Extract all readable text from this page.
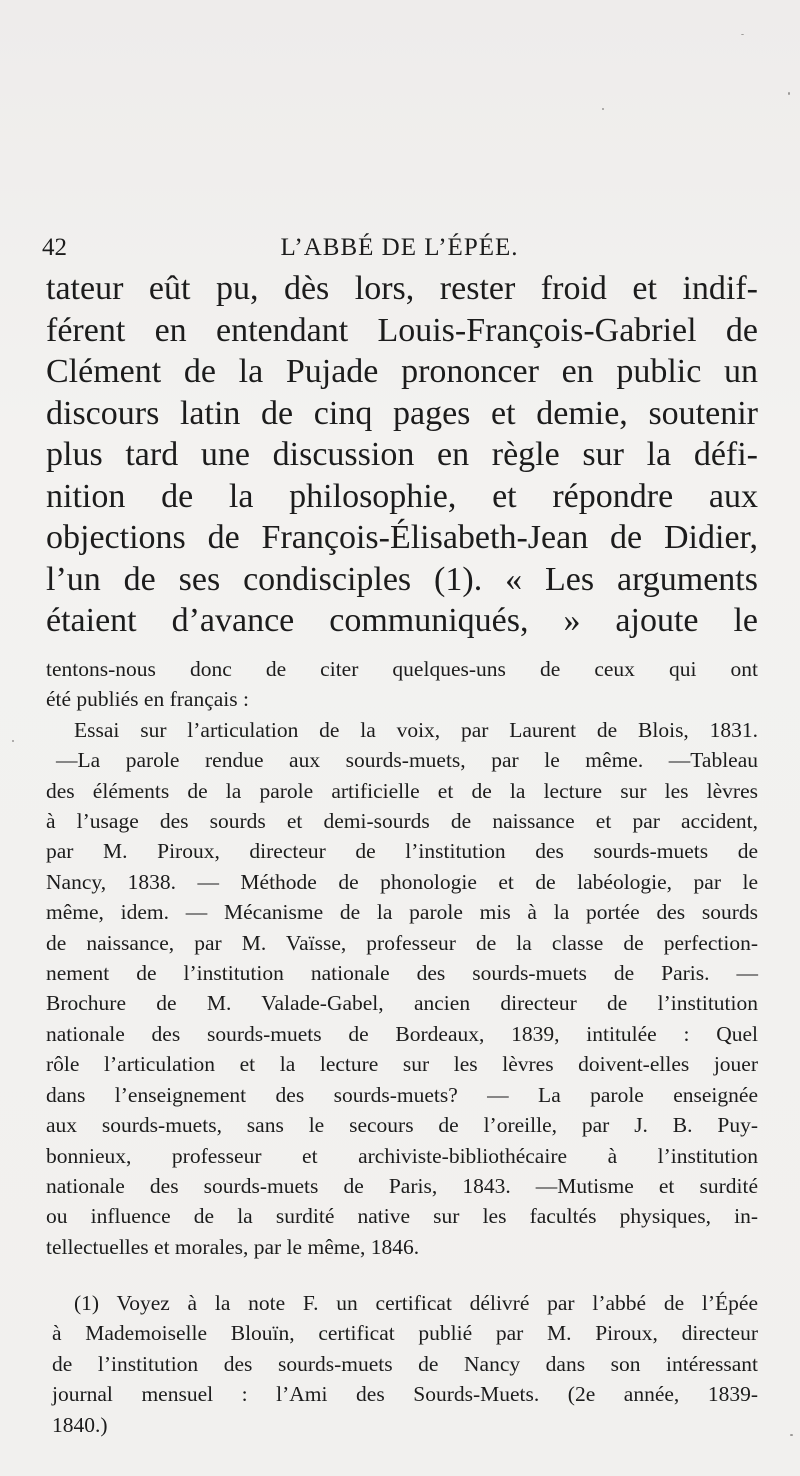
42	L’ABBÉ DE L’ÉPÉE.

tateur eût pu, dès lors, rester froid et indif-
férent en entendant Louis-François-Gabriel de
Clément de la Pujade prononcer en public un
discours latin de cinq pages et demie, soutenir
plus tard une discussion en règle sur la défi-
nition de la philosophie, et répondre aux
objections de François-Élisabeth-Jean de Didier,
l’un de ses condisciples (1). « Les arguments
étaient d’avance communiqués, » ajoute le

tentons-nous donc de citer quelques-uns de ceux qui ont
été publiés en français :
Essai sur l’articulation de la voix, par Laurent de Blois, 1831.
—La parole rendue aux sourds-muets, par le même. —Tableau
des éléments de la parole artificielle et de la lecture sur les lèvres
à l’usage des sourds et demi-sourds de naissance et par accident,
par M. Piroux, directeur de l’institution des sourds-muets de
Nancy, 1838. — Méthode de phonologie et de labéologie, par le
même, idem. — Mécanisme de la parole mis à la portée des sourds
de naissance, par M. Vaïsse, professeur de la classe de perfection-
nement de l’institution nationale des sourds-muets de Paris. —
Brochure de M. Valade-Gabel, ancien directeur de l’institution
nationale des sourds-muets de Bordeaux, 1839, intitulée : Quel
rôle l’articulation et la lecture sur les lèvres doivent-elles jouer
dans l’enseignement des sourds-muets? — La parole enseignée
aux sourds-muets, sans le secours de l’oreille, par J. B. Puy-
bonnieux, professeur et archiviste-bibliothécaire à l’institution
nationale des sourds-muets de Paris, 1843. —Mutisme et surdité
ou influence de la surdité native sur les facultés physiques, in-
tellectuelles et morales, par le même, 1846.

(1) Voyez à la note F. un certificat délivré par l’abbé de l’Épée
à Mademoiselle Blouïn, certificat publié par M. Piroux, directeur
de l’institution des sourds-muets de Nancy dans son intéressant
journal mensuel : l’Ami des Sourds-Muets. (2e année, 1839-
1840.)
